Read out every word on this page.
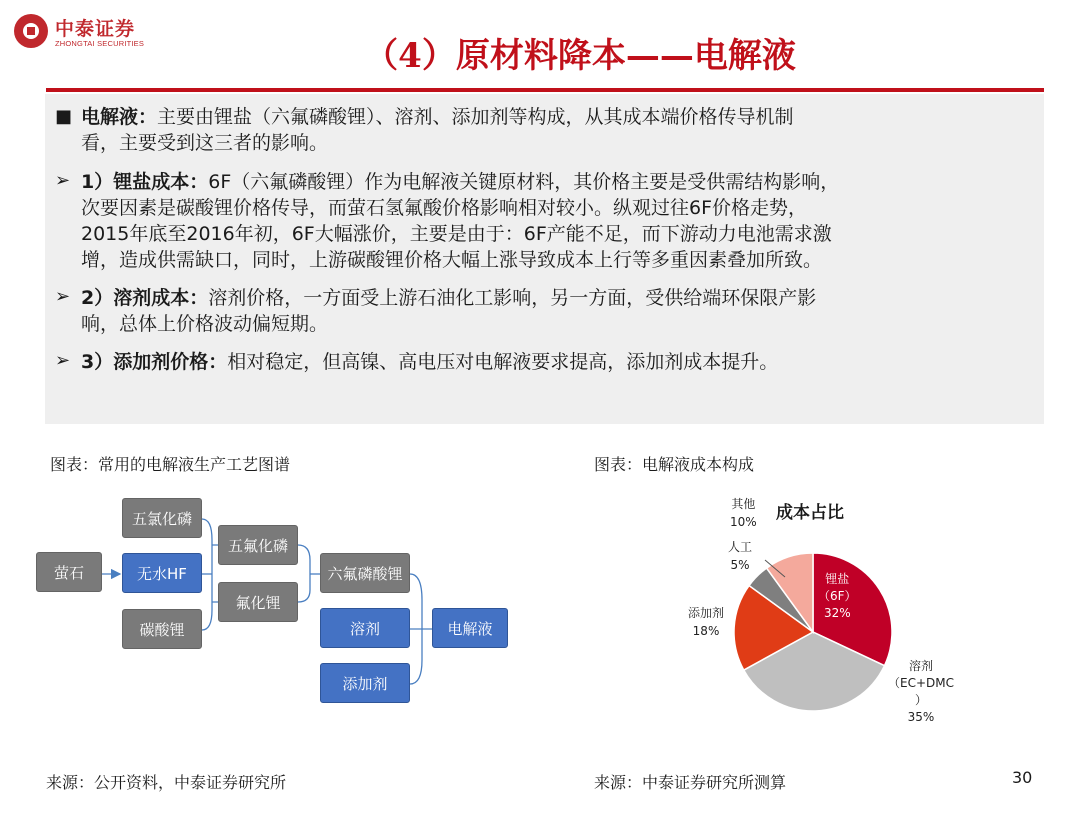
中泰证券
ZHONGTAI SECURITIES	（4）原材料降本——电解液
■ 电解液：主要由锂盐（六氟磷酸锂）、溶剂、添加剂等构成，从其成本端价格传导机制
看，主要受到这三者的影响。
➢ 1）锂盐成本：6F（六氟磷酸锂）作为电解液关键原材料，其价格主要是受供需结构影响，
次要因素是碳酸锂价格传导，而萤石氢氟酸价格影响相对较小。纵观过往6F价格走势，
2015年底至2016年初，6F大幅涨价，主要是由于：6F产能不足，而下游动力电池需求激
增，造成供需缺口，同时，上游碳酸锂价格大幅上涨导致成本上行等多重因素叠加所致。
➢ 2）溶剂成本：溶剂价格，一方面受上游石油化工影响，另一方面，受供给端环保限产影
响，总体上价格波动偏短期。
➢ 3）添加剂价格：相对稳定，但高镍、高电压对电解液要求提高，添加剂成本提升。
图表：常用的电解液生产工艺图谱	图表：电解液成本构成
萤石
五氯化磷
无水HF
碳酸锂
五氟化磷
氟化锂
六氟磷酸锂
溶剂
添加剂
电解液
成本占比
锂盐
（6F）
32%
溶剂
（EC+DMC
）
35%
添加剂
18%
人工
5%
其他
10%
来源：公开资料，中泰证券研究所	来源：中泰证券研究所测算	30
